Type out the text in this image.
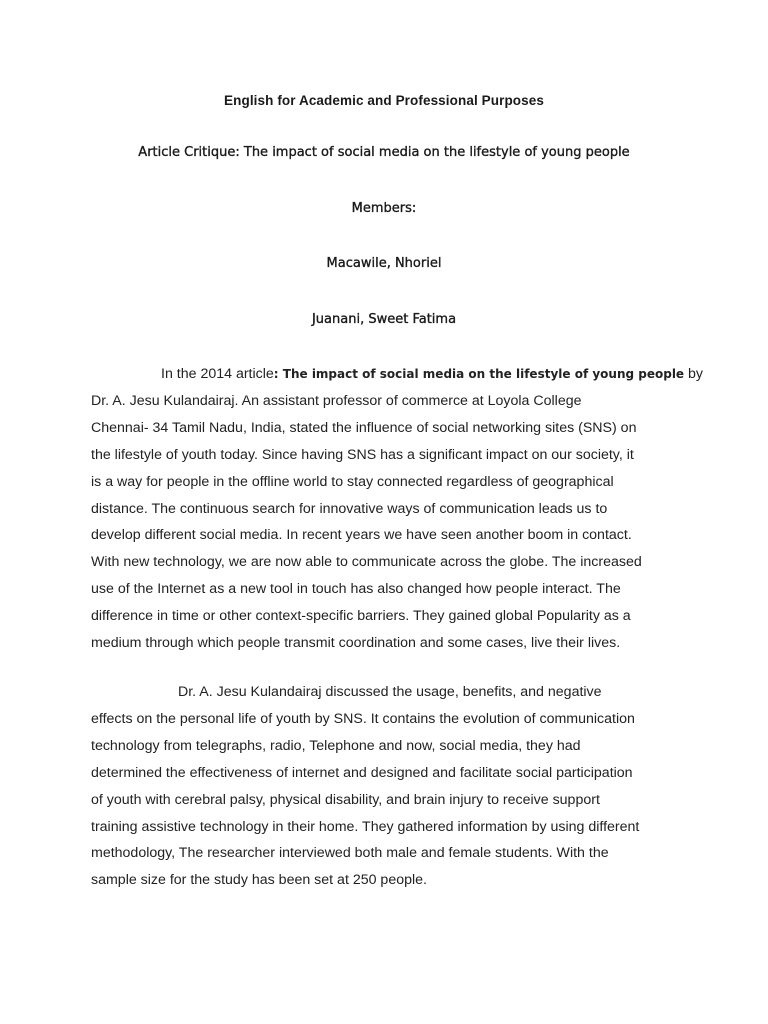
English for Academic and Professional Purposes

Article Critique: The impact of social media on the lifestyle of young people

Members:

Macawile, Nhoriel

Juanani, Sweet Fatima

In the 2014 article: The impact of social media on the lifestyle of young people by
Dr. A. Jesu Kulandairaj. An assistant professor of commerce at Loyola College
Chennai- 34 Tamil Nadu, India, stated the influence of social networking sites (SNS) on
the lifestyle of youth today. Since having SNS has a significant impact on our society, it
is a way for people in the offline world to stay connected regardless of geographical
distance. The continuous search for innovative ways of communication leads us to
develop different social media. In recent years we have seen another boom in contact.
With new technology, we are now able to communicate across the globe. The increased
use of the Internet as a new tool in touch has also changed how people interact. The
difference in time or other context-specific barriers. They gained global Popularity as a
medium through which people transmit coordination and some cases, live their lives.
Dr. A. Jesu Kulandairaj discussed the usage, benefits, and negative
effects on the personal life of youth by SNS. It contains the evolution of communication
technology from telegraphs, radio, Telephone and now, social media, they had
determined the effectiveness of internet and designed and facilitate social participation
of youth with cerebral palsy, physical disability, and brain injury to receive support
training assistive technology in their home. They gathered information by using different
methodology, The researcher interviewed both male and female students. With the
sample size for the study has been set at 250 people.
